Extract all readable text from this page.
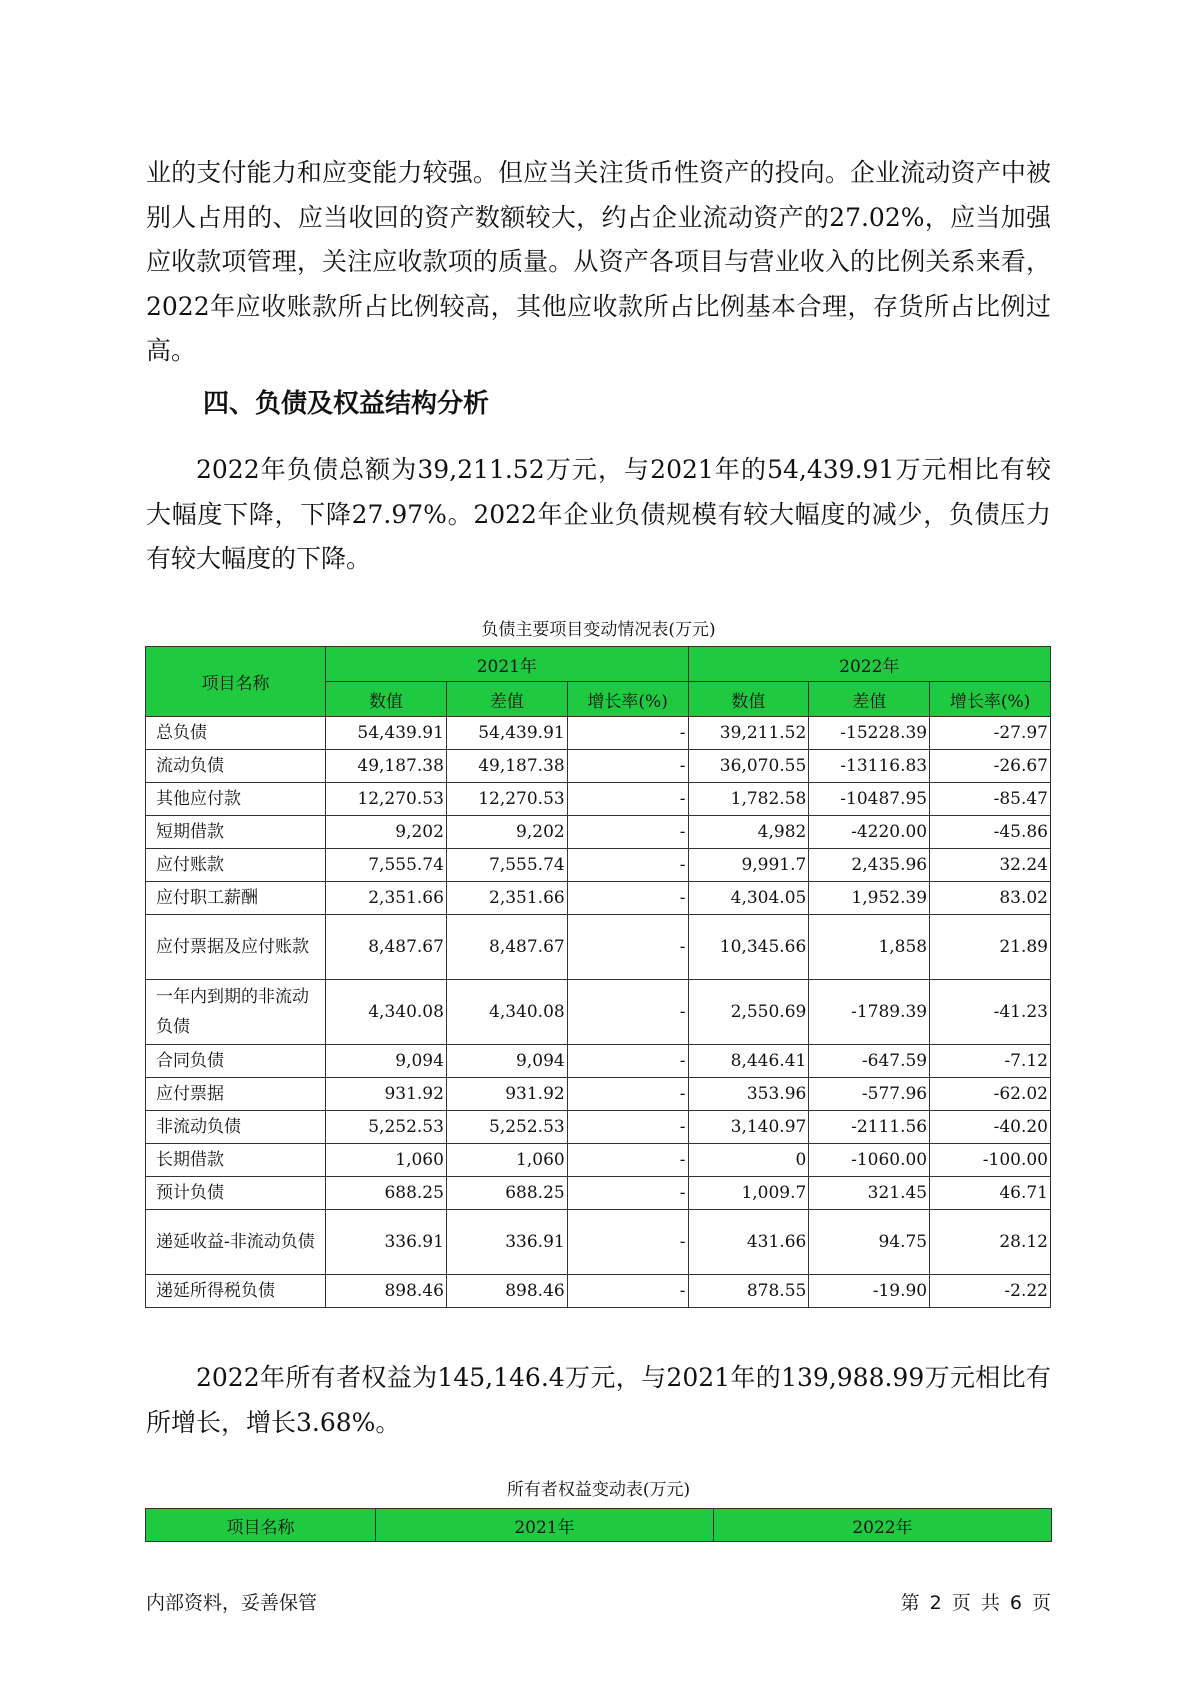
业的支付能力和应变能力较强。但应当关注货币性资产的投向。企业流动资产中被别人占用的、应当收回的资产数额较大，约占企业流动资产的27.02%，应当加强应收款项管理，关注应收款项的质量。从资产各项目与营业收入的比例关系来看，2022年应收账款所占比例较高，其他应收款所占比例基本合理，存货所占比例过高。

四、负债及权益结构分析

2022年负债总额为39,211.52万元，与2021年的54,439.91万元相比有较大幅度下降，下降27.97%。2022年企业负债规模有较大幅度的减少，负债压力有较大幅度的下降。

负债主要项目变动情况表(万元)

项目名称	2021年			2022年		
	数值	差值	增长率(%)	数值	差值	增长率(%)
总负债	54,439.91	54,439.91	-	39,211.52	-15228.39	-27.97
流动负债	49,187.38	49,187.38	-	36,070.55	-13116.83	-26.67
其他应付款	12,270.53	12,270.53	-	1,782.58	-10487.95	-85.47
短期借款	9,202	9,202	-	4,982	-4220.00	-45.86
应付账款	7,555.74	7,555.74	-	9,991.7	2,435.96	32.24
应付职工薪酬	2,351.66	2,351.66	-	4,304.05	1,952.39	83.02
应付票据及应付账款	8,487.67	8,487.67	-	10,345.66	1,858	21.89
一年内到期的非流动负债	4,340.08	4,340.08	-	2,550.69	-1789.39	-41.23
合同负债	9,094	9,094	-	8,446.41	-647.59	-7.12
应付票据	931.92	931.92	-	353.96	-577.96	-62.02
非流动负债	5,252.53	5,252.53	-	3,140.97	-2111.56	-40.20
长期借款	1,060	1,060	-	0	-1060.00	-100.00
预计负债	688.25	688.25	-	1,009.7	321.45	46.71
递延收益-非流动负债	336.91	336.91	-	431.66	94.75	28.12
递延所得税负债	898.46	898.46	-	878.55	-19.90	-2.22

2022年所有者权益为145,146.4万元，与2021年的139,988.99万元相比有所增长，增长3.68%。

所有者权益变动表(万元)

项目名称	2021年	2022年
内部资料，妥善保管	第 2 页 共 6 页
